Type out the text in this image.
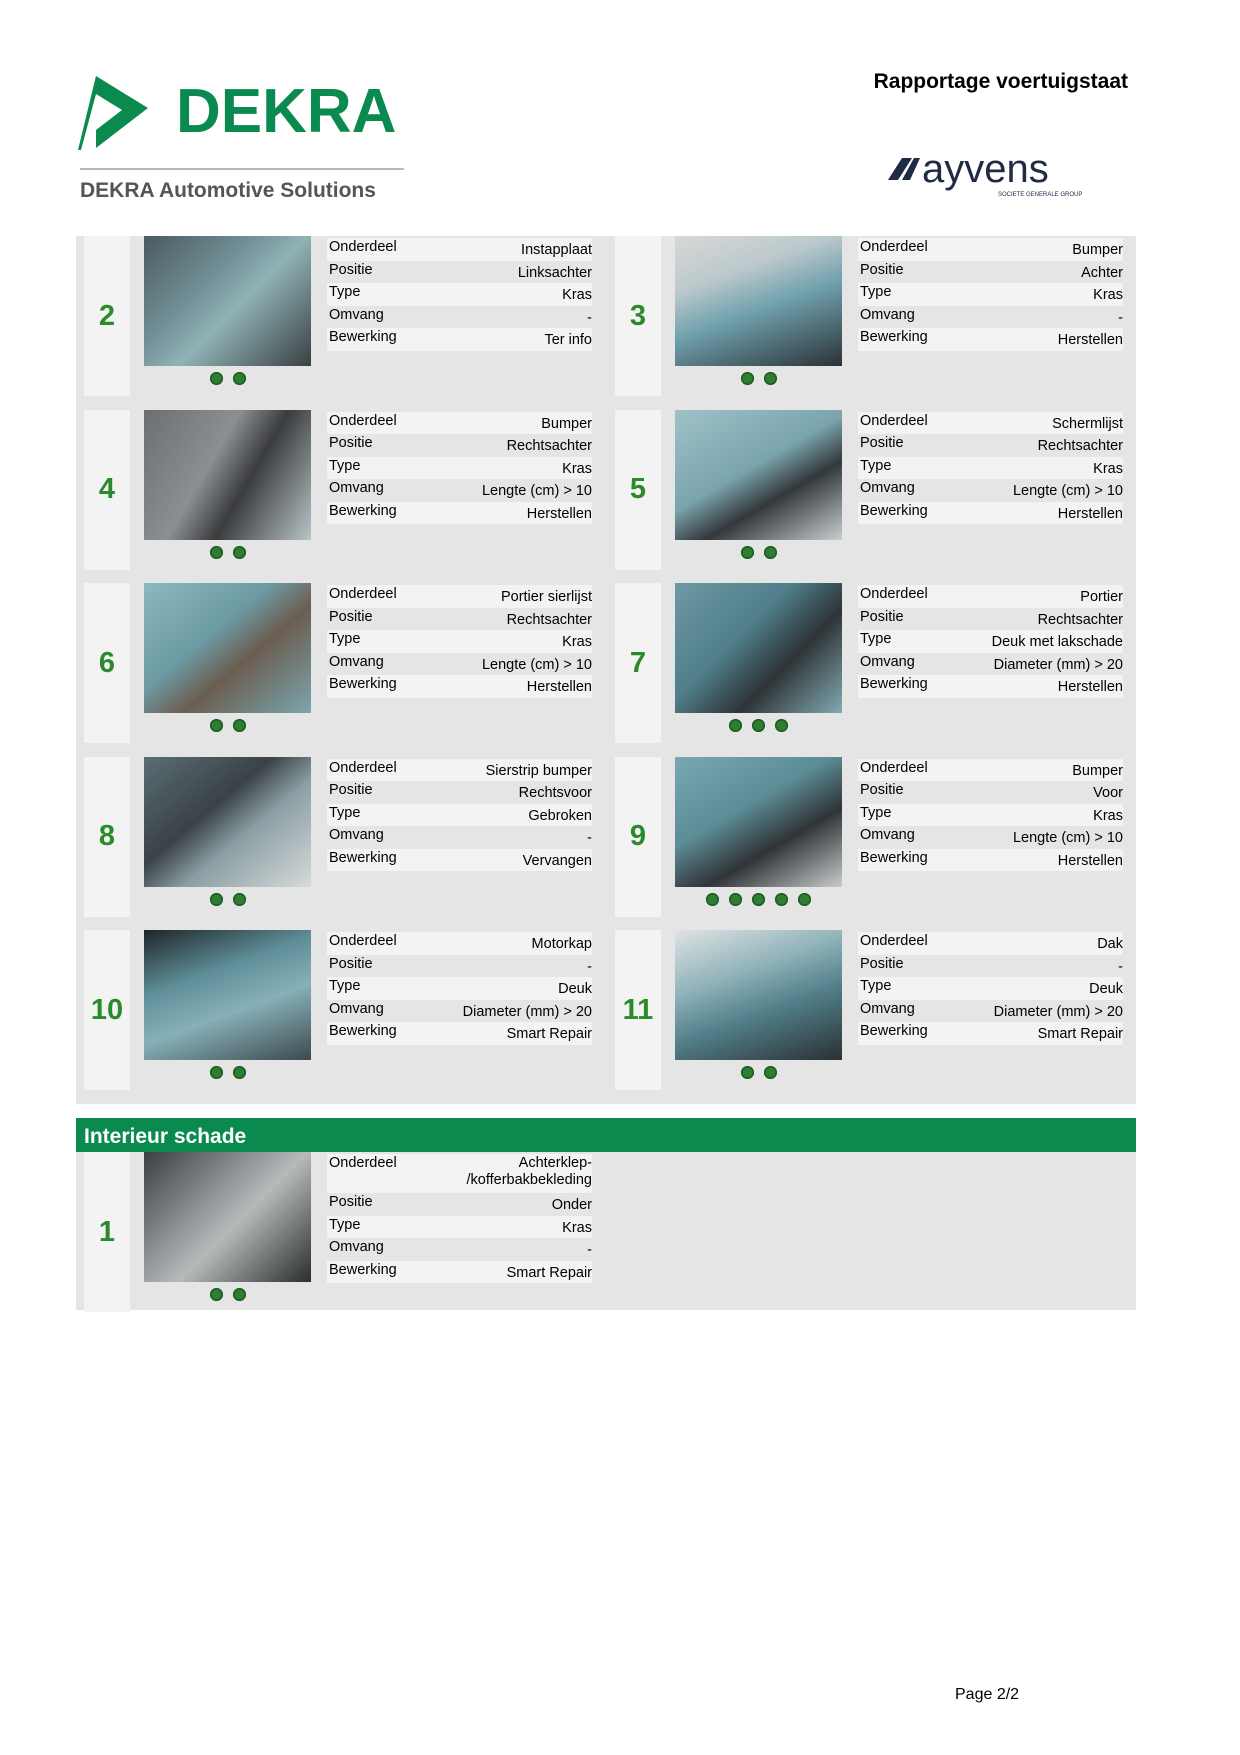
DEKRA
DEKRA Automotive Solutions
Rapportage voertuigstaat
ayvens
SOCIETE GENERALE GROUP
2
Onderdeel	Instapplaat
Positie	Linksachter
Type	Kras
Omvang	-
Bewerking	Ter info
3
Onderdeel	Bumper
Positie	Achter
Type	Kras
Omvang	-
Bewerking	Herstellen
4
Onderdeel	Bumper
Positie	Rechtsachter
Type	Kras
Omvang	Lengte (cm) > 10
Bewerking	Herstellen
5
Onderdeel	Schermlijst
Positie	Rechtsachter
Type	Kras
Omvang	Lengte (cm) > 10
Bewerking	Herstellen
6
Onderdeel	Portier sierlijst
Positie	Rechtsachter
Type	Kras
Omvang	Lengte (cm) > 10
Bewerking	Herstellen
7
Onderdeel	Portier
Positie	Rechtsachter
Type	Deuk met lakschade
Omvang	Diameter (mm) > 20
Bewerking	Herstellen
8
Onderdeel	Sierstrip bumper
Positie	Rechtsvoor
Type	Gebroken
Omvang	-
Bewerking	Vervangen
9
Onderdeel	Bumper
Positie	Voor
Type	Kras
Omvang	Lengte (cm) > 10
Bewerking	Herstellen
10
Onderdeel	Motorkap
Positie	-
Type	Deuk
Omvang	Diameter (mm) > 20
Bewerking	Smart Repair
11
Onderdeel	Dak
Positie	-
Type	Deuk
Omvang	Diameter (mm) > 20
Bewerking	Smart Repair
Interieur schade
1
Onderdeel	Achterklep-
/kofferbakbekleding
Positie	Onder
Type	Kras
Omvang	-
Bewerking	Smart Repair
Page 2/2
